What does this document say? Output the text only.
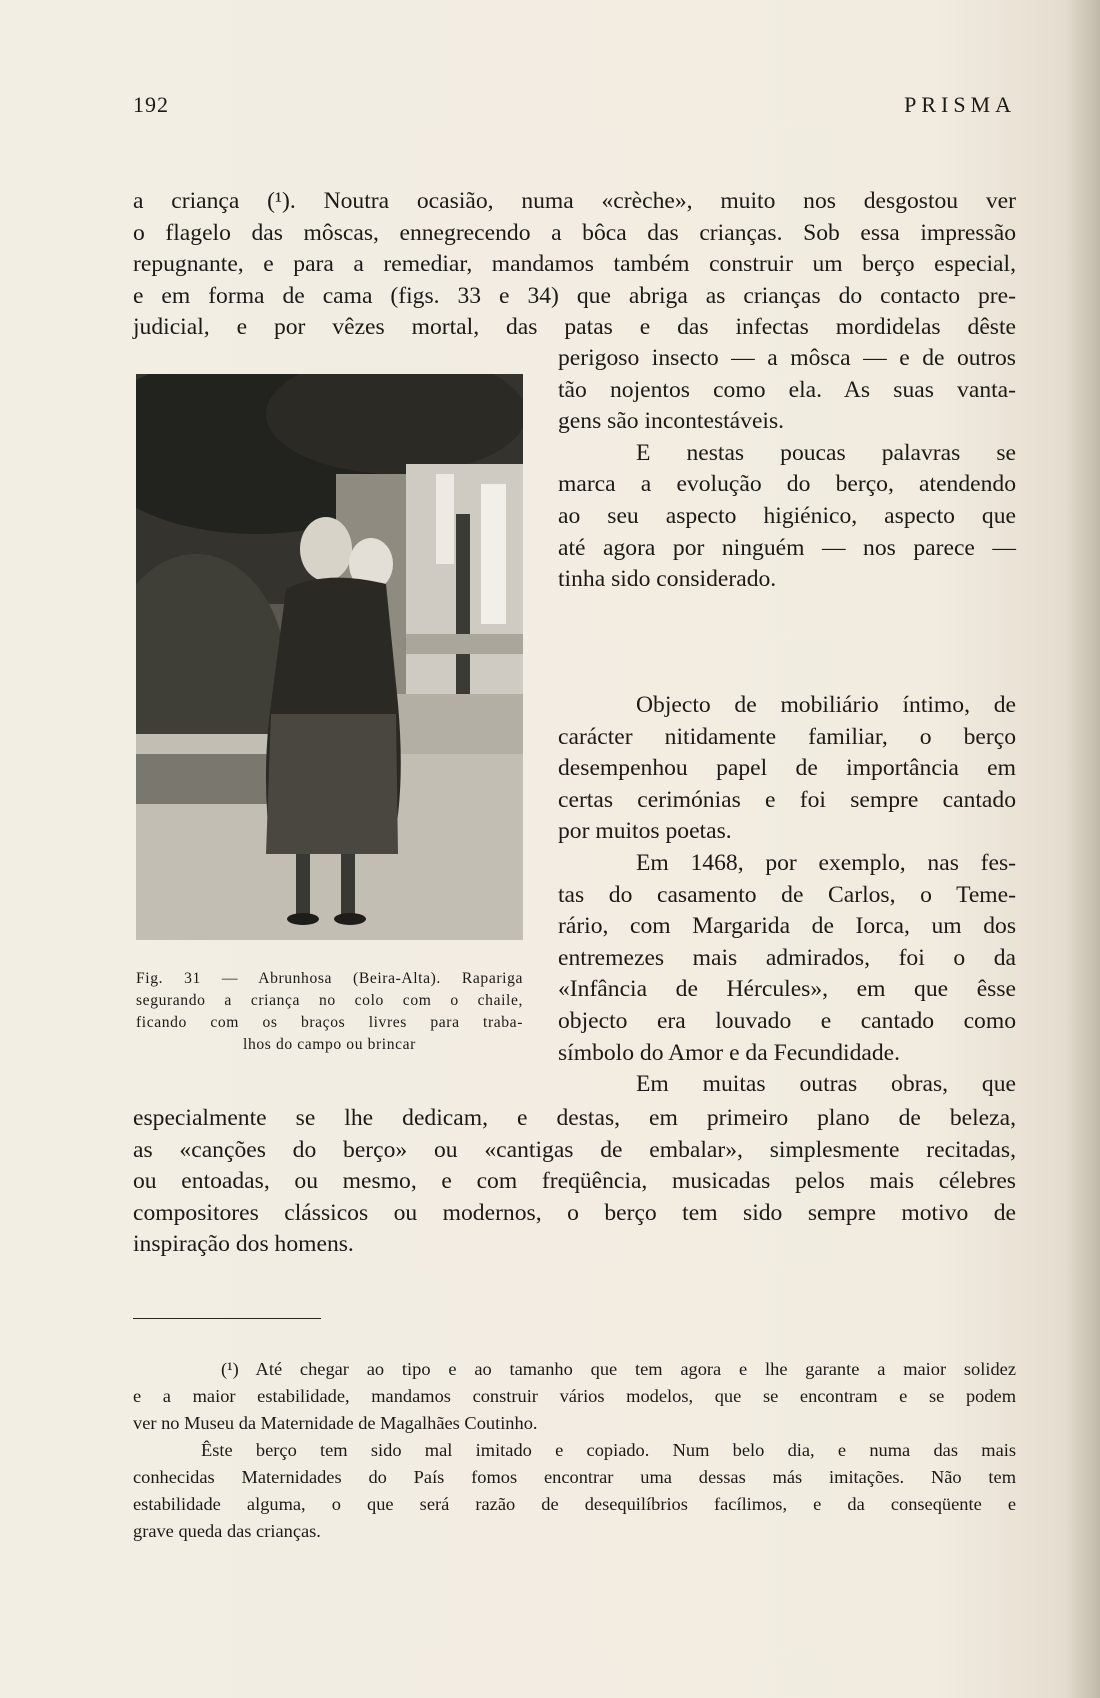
192	PRISMA
a criança (¹). Noutra ocasião, numa «crèche», muito nos desgostou ver
o flagelo das môscas, ennegrecendo a bôca das crianças. Sob essa impressão
repugnante, e para a remediar, mandamos também construir um berço especial,
e em forma de cama (figs. 33 e 34) que abriga as crianças do contacto pre-
judicial, e por vêzes mortal, das patas e das infectas mordidelas dêste
perigoso insecto — a môsca — e de outros
tão nojentos como ela. As suas vanta-
gens são incontestáveis.
E nestas poucas palavras se
marca a evolução do berço, atendendo
ao seu aspecto higiénico, aspecto que
até agora por ninguém — nos parece —
tinha sido considerado.
Fig. 31 — Abrunhosa (Beira-Alta). Rapariga
segurando a criança no colo com o chaile,
ficando com os braços livres para traba-
lhos do campo ou brincar
Objecto de mobiliário íntimo, de
carácter nitidamente familiar, o berço
desempenhou papel de importância em
certas cerimónias e foi sempre cantado
por muitos poetas.
Em 1468, por exemplo, nas fes-
tas do casamento de Carlos, o Teme-
rário, com Margarida de Iorca, um dos
entremezes mais admirados, foi o da
«Infância de Hércules», em que êsse
objecto era louvado e cantado como
símbolo do Amor e da Fecundidade.
Em muitas outras obras, que
especialmente se lhe dedicam, e destas, em primeiro plano de beleza,
as «canções do berço» ou «cantigas de embalar», simplesmente recitadas,
ou entoadas, ou mesmo, e com freqüência, musicadas pelos mais célebres
compositores clássicos ou modernos, o berço tem sido sempre motivo de
inspiração dos homens.
(¹) Até chegar ao tipo e ao tamanho que tem agora e lhe garante a maior solidez
e a maior estabilidade, mandamos construir vários modelos, que se encontram e se podem
ver no Museu da Maternidade de Magalhães Coutinho.
Êste berço tem sido mal imitado e copiado. Num belo dia, e numa das mais
conhecidas Maternidades do País fomos encontrar uma dessas más imitações. Não tem
estabilidade alguma, o que será razão de desequilíbrios facílimos, e da conseqüente e
grave queda das crianças.
